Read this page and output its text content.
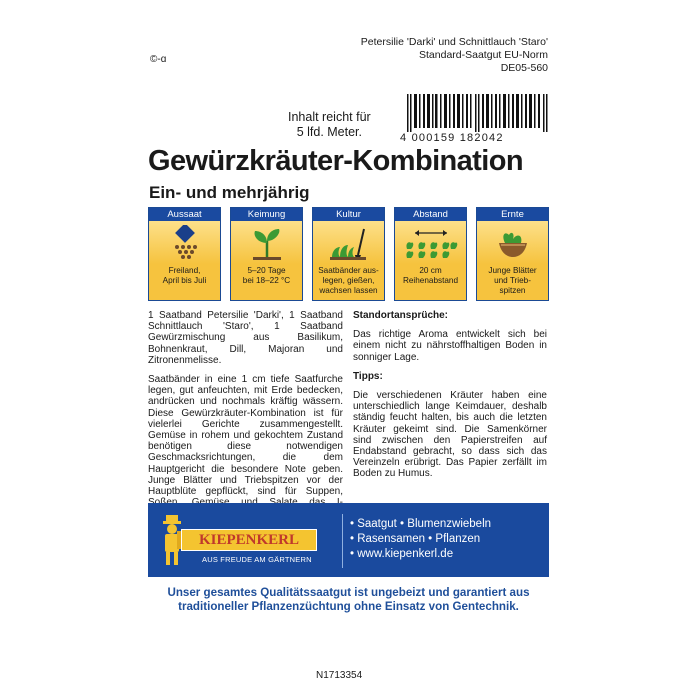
Petersilie 'Darki' und Schnittlauch 'Staro'
Standard-Saatgut EU-Norm
DE05-560
©-ɑ
Inhalt reicht für
5 lfd. Meter.	4 000159 182042
Gewürzkräuter-Kombination
Ein- und mehrjährig
Aussaat
Freiland,
April bis Juli
Keimung
5–20 Tage
bei 18–22 °C
Kultur
Saatbänder aus-
legen, gießen,
wachsen lassen
Abstand
20 cm
Reihenabstand
Ernte
Junge Blätter
und Trieb-
spitzen

1 Saatband Petersilie 'Darki', 1 Saatband Schnittlauch 'Staro', 1 Saatband Gewürzmischung aus Basilikum, Bohnenkraut, Dill, Majoran und Zitronenmelisse.

Saatbänder in eine 1 cm tiefe Saatfurche legen, gut anfeuchten, mit Erde bedecken, andrücken und nochmals kräftig wässern. Diese Gewürzkräuter-Kombination ist für vielerlei Gerichte zusammengestellt. Gemüse in rohem und gekochtem Zustand benötigen diese notwendigen Geschmacksrichtungen, die dem Hauptgericht die besondere Note geben. Junge Blätter und Triebspitzen vor der Hauptblüte gepflückt, sind für Suppen,

Standortansprüche:

Das richtige Aroma entwickelt sich bei einem nicht zu nährstoffhaltigen Boden in sonniger Lage.

Tipps:

Die verschiedenen Kräuter haben eine unterschiedlich lange Keimdauer, deshalb ständig feucht halten, bis auch die letzten Kräuter gekeimt sind. Die Samenkörner sind zwischen den Papierstreifen auf Endabstand gebracht, so dass sich das Vereinzeln erübrigt. Das Papier zerfällt im Boden zu Humus.

KIEPENKERL
AUS FREUDE AM GÄRTNERN
• Saatgut • Blumenzwiebeln
• Rasensamen • Pflanzen
• www.kiepenkerl.de
Unser gesamtes Qualitätssaatgut ist ungebeizt und garantiert aus
traditioneller Pflanzenzüchtung ohne Einsatz von Gentechnik.
N1713354
